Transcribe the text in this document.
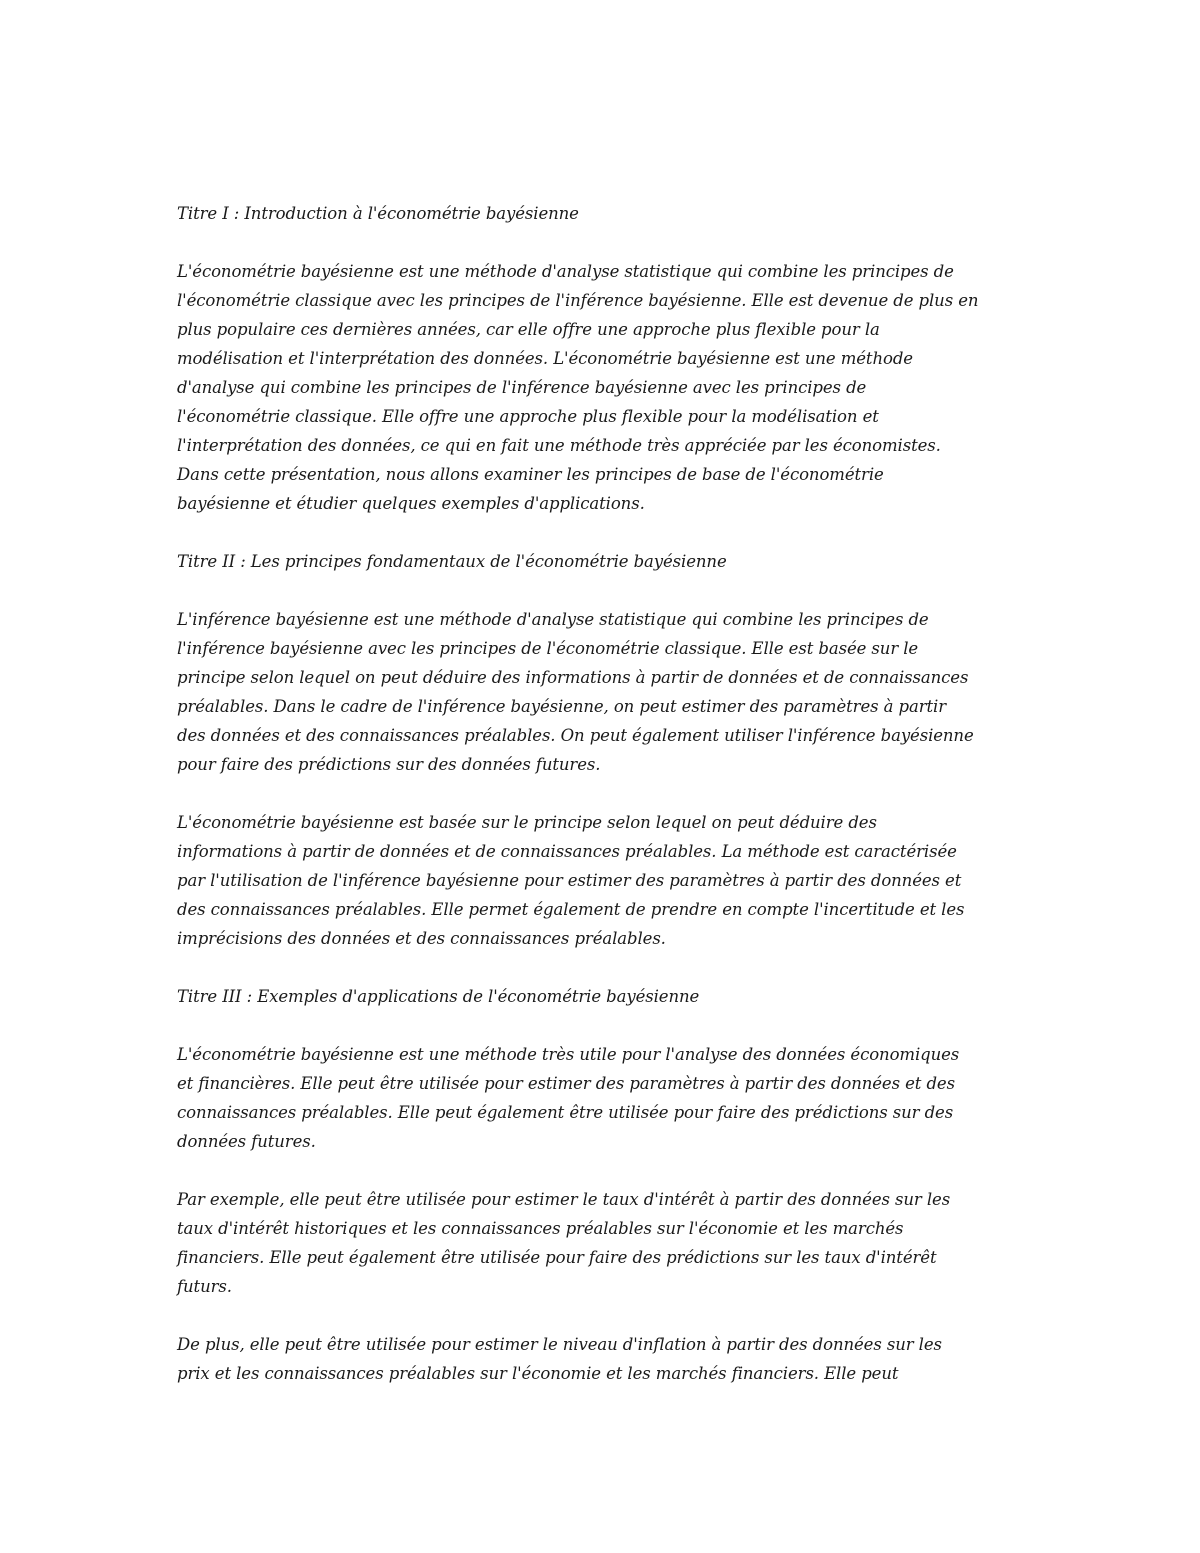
Titre I : Introduction à l'économétrie bayésienne

L'économétrie bayésienne est une méthode d'analyse statistique qui combine les principes de
l'économétrie classique avec les principes de l'inférence bayésienne. Elle est devenue de plus en
plus populaire ces dernières années, car elle offre une approche plus flexible pour la
modélisation et l'interprétation des données. L'économétrie bayésienne est une méthode
d'analyse qui combine les principes de l'inférence bayésienne avec les principes de
l'économétrie classique. Elle offre une approche plus flexible pour la modélisation et
l'interprétation des données, ce qui en fait une méthode très appréciée par les économistes.
Dans cette présentation, nous allons examiner les principes de base de l'économétrie
bayésienne et étudier quelques exemples d'applications.

Titre II : Les principes fondamentaux de l'économétrie bayésienne

L'inférence bayésienne est une méthode d'analyse statistique qui combine les principes de
l'inférence bayésienne avec les principes de l'économétrie classique. Elle est basée sur le
principe selon lequel on peut déduire des informations à partir de données et de connaissances
préalables. Dans le cadre de l'inférence bayésienne, on peut estimer des paramètres à partir
des données et des connaissances préalables. On peut également utiliser l'inférence bayésienne
pour faire des prédictions sur des données futures.

L'économétrie bayésienne est basée sur le principe selon lequel on peut déduire des
informations à partir de données et de connaissances préalables. La méthode est caractérisée
par l'utilisation de l'inférence bayésienne pour estimer des paramètres à partir des données et
des connaissances préalables. Elle permet également de prendre en compte l'incertitude et les
imprécisions des données et des connaissances préalables.

Titre III : Exemples d'applications de l'économétrie bayésienne

L'économétrie bayésienne est une méthode très utile pour l'analyse des données économiques
et financières. Elle peut être utilisée pour estimer des paramètres à partir des données et des
connaissances préalables. Elle peut également être utilisée pour faire des prédictions sur des
données futures.

Par exemple, elle peut être utilisée pour estimer le taux d'intérêt à partir des données sur les
taux d'intérêt historiques et les connaissances préalables sur l'économie et les marchés
financiers. Elle peut également être utilisée pour faire des prédictions sur les taux d'intérêt
futurs.

De plus, elle peut être utilisée pour estimer le niveau d'inflation à partir des données sur les
prix et les connaissances préalables sur l'économie et les marchés financiers. Elle peut
